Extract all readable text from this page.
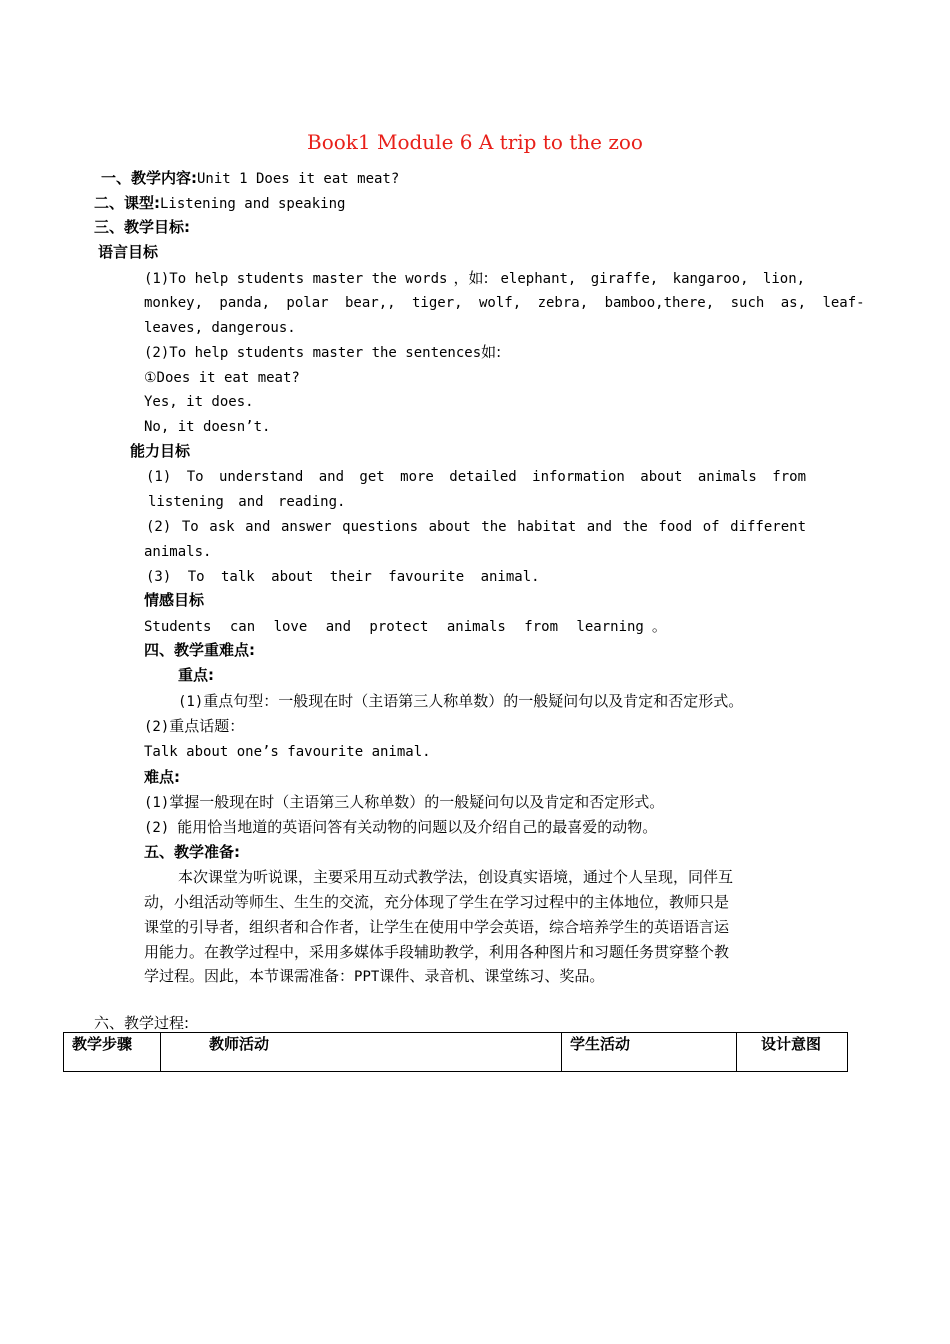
Book1 Module 6 A trip to the zoo
一、教学内容:Unit 1 Does it eat meat?
二、课型:Listening and speaking
三、教学目标:
语言目标
(1)To help students master the words ，如: elephant, giraffe, kangaroo, lion,
monkey, panda, polar bear,, tiger, wolf, zebra, bamboo,there, such as, leaf-
leaves, dangerous.
(2)To help students master the sentences如:
①Does it eat meat?
Yes, it does.
No, it doesn’t.
能力目标
(1) To understand and get more detailed information about animals from
listening and reading.
(2) To ask and answer questions about the habitat and the food of different
animals.
(3) To talk about their favourite animal.
情感目标
Students can love and protect animals from learning 。
四、教学重难点:
重点:
(1)重点句型：一般现在时（主语第三人称单数）的一般疑问句以及肯定和否定形式。
(2)重点话题：
Talk about one’s favourite animal.
难点:
(1)掌握一般现在时（主语第三人称单数）的一般疑问句以及肯定和否定形式。
(2) 能用恰当地道的英语问答有关动物的问题以及介绍自己的最喜爱的动物。
五、教学准备:
本次课堂为听说课，主要采用互动式教学法，创设真实语境，通过个人呈现，同伴互
动，小组活动等师生、生生的交流，充分体现了学生在学习过程中的主体地位，教师只是
课堂的引导者，组织者和合作者，让学生在使用中学会英语，综合培养学生的英语语言运
用能力。在教学过程中，采用多媒体手段辅助教学，利用各种图片和习题任务贯穿整个教
学过程。因此，本节课需准备：PPT课件、录音机、课堂练习、奖品。
六、教学过程:
教学步骤	教师活动	学生活动	设计意图
